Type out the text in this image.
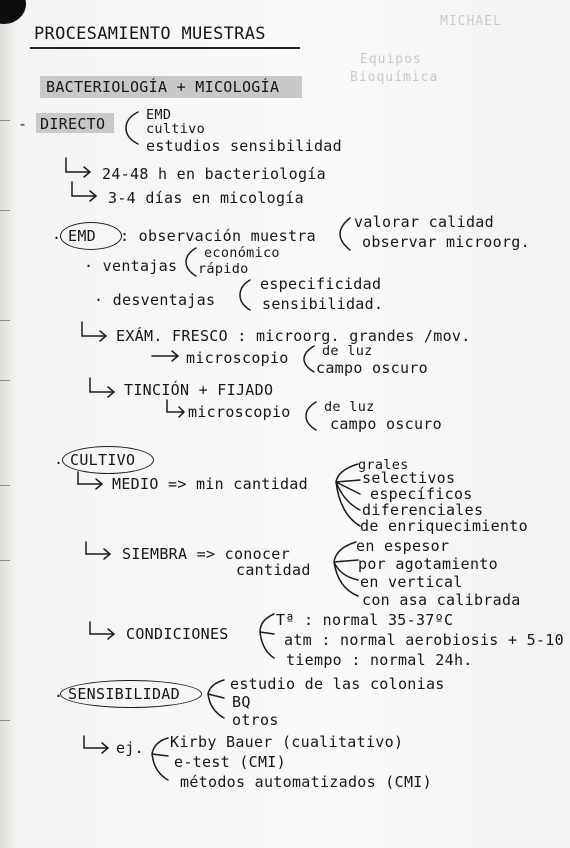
MICHAEL
Equipos
Bioquímica
PROCESAMIENTO MUESTRAS
BACTERIOLOGÍA + MICOLOGÍA
- DIRECTO	EMD
cultivo
estudios sensibilidad
24-48 h en bacteriología
3-4 días en micología
· EMD : observación muestra
valorar calidad
observar microorg.
· ventajas
económico
rápido
· desventajas
especificidad
sensibilidad.
EXÁM. FRESCO : microorg. grandes /mov.
microscopio de luz
campo oscuro
TINCIÓN + FIJADO
microscopio de luz
campo oscuro
· CULTIVO
MEDIO => min cantidad
grales
selectivos
específicos
diferenciales
de enriquecimiento
SIEMBRA => conocer
cantidad
en espesor
por agotamiento
en vertical
con asa calibrada
CONDICIONES
Tª : normal 35-37ºC
atm : normal aerobiosis + 5-10
tiempo : normal 24h.
· SENSIBILIDAD
estudio de las colonias
BQ
otros
ej. Kirby Bauer (cualitativo)
e-test (CMI)
métodos automatizados (CMI)
